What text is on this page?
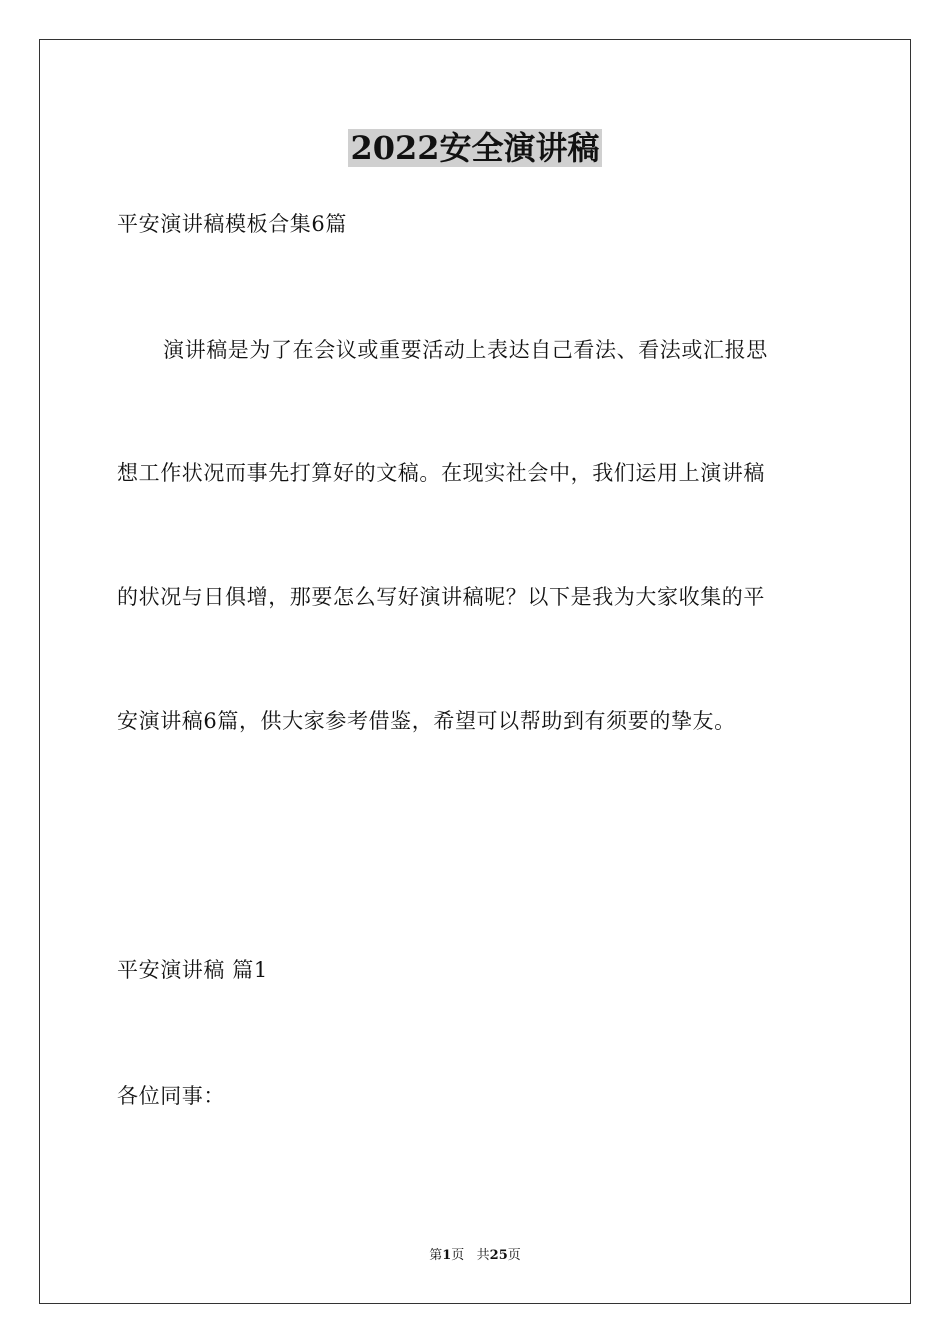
2022安全演讲稿
平安演讲稿模板合集6篇
演讲稿是为了在会议或重要活动上表达自己看法、看法或汇报思
想工作状况而事先打算好的文稿。在现实社会中，我们运用上演讲稿
的状况与日俱增，那要怎么写好演讲稿呢？以下是我为大家收集的平
安演讲稿6篇，供大家参考借鉴，希望可以帮助到有须要的挚友。
平安演讲稿 篇1
各位同事：
第1页   共25页
